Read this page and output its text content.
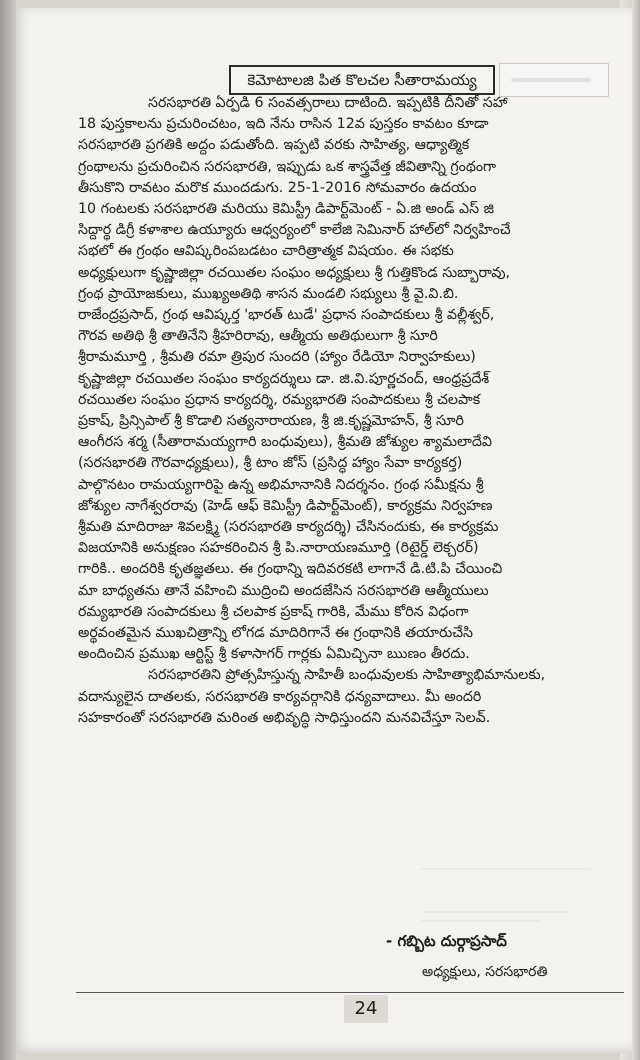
కెమోటాలజి పిత కొలచల సీతారామయ్య
సరసభారతి ఏర్పడి 6 సంవత్సరాలు దాటింది. ఇప్పటికి దీనితో సహా
18 పుస్తకాలను ప్రచురించటం, ఇది నేను రాసిన 12వ పుస్తకం కావటం కూడా
సరసభారతి ప్రగతికి అద్దం పడుతోంది. ఇప్పటి వరకు సాహిత్య, ఆధ్యాత్మిక
గ్రంథాలను ప్రచురించిన సరసభారతి, ఇప్పుడు ఒక శాస్త్రవేత్త జీవితాన్ని గ్రంథంగా
తీసుకొని రావటం మరొక ముందడుగు. 25-1-2016 సోమవారం ఉదయం
10 గంటలకు సరసభారతి మరియు కెమిస్ట్రీ డిపార్ట్‌మెంట్ - ఏ.జి అండ్ ఎస్ జి
సిద్దార్థ డిగ్రీ కళాశాల ఉయ్యూరు ఆధ్వర్యంలో కాలేజి సెమినార్ హాల్‌లో నిర్వహించే
సభలో ఈ గ్రంథం ఆవిష్కరింపబడటం చారిత్రాత్మక విషయం. ఈ సభకు
అధ్యక్షులుగా కృష్ణాజిల్లా రచయితల సంఘం అధ్యక్షులు శ్రీ గుత్తికొండ సుబ్బారావు,
గ్రంథ ప్రాయోజకులు, ముఖ్యఅతిథి శాసన మండలి సభ్యులు శ్రీ వై.వి.బి.
రాజేంద్రప్రసాద్, గ్రంథ ఆవిష్కర్త 'భారత్ టుడే' ప్రధాన సంపాదకులు శ్రీ వల్లీశ్వర్,
గౌరవ అతిథి శ్రీ తాతినేని శ్రీహరిరావు, ఆత్మీయ అతిథులుగా శ్రీ సూరి
శ్రీరామమూర్తి , శ్రీమతి రమా త్రిపుర సుందరి (హ్యాం రేడియో నిర్వాహకులు)
కృష్ణాజిల్లా రచయితల సంఘం కార్యదర్శులు డా. జి.వి.పూర్ణచంద్, ఆంధ్రప్రదేశ్
రచయితల సంఘం ప్రధాన కార్యదర్శి, రమ్యభారతి సంపాదకులు శ్రీ చలపాక
ప్రకాష్, ప్రిన్సిపాల్ శ్రీ కొడాలి సత్యనారాయణ, శ్రీ జి.కృష్ణమోహన్, శ్రీ సూరి
ఆంగీరస శర్మ (సీతారామయ్యగారి బంధువులు), శ్రీమతి జోశ్యుల శ్యామలాదేవి
(సరసభారతి గౌరవాధ్యక్షులు), శ్రీ టాం జోస్ (ప్రసిద్ధ హ్యాం సేవా కార్యకర్త)
పాల్గొనటం రామయ్యగారిపై ఉన్న అభిమానానికి నిదర్శనం. గ్రంథ సమీక్షను శ్రీ
జోశ్యుల నాగేశ్వరరావు (హెడ్ ఆఫ్ కెమిస్ట్రీ డిపార్ట్‌మెంట్), కార్యక్రమ నిర్వహణ
శ్రీమతి మాదిరాజు శివలక్ష్మి (సరసభారతి కార్యదర్శి) చేసినందుకు, ఈ కార్యక్రమ
విజయానికి అనుక్షణం సహకరించిన శ్రీ పి.నారాయణమూర్తి (రిటైర్డ్ లెక్చరర్)
గారికి.. అందరికి కృతజ్ఞతలు. ఈ గ్రంథాన్ని ఇదివరకటి లాగానే డి.టి.పి చేయించి
మా బాధ్యతను తానే వహించి ముద్రించి అందజేసిన సరసభారతి ఆత్మీయులు
రమ్యభారతి సంపాదకులు శ్రీ చలపాక ప్రకాష్ గారికి, మేము కోరిన విధంగా
అర్థవంతమైన ముఖచిత్రాన్ని లోగడ మాదిరిగానే ఈ గ్రంథానికి తయారుచేసి
అందించిన ప్రముఖ ఆర్టిస్ట్ శ్రీ కళాసాగర్ గార్లకు ఏమిచ్చినా ఋణం తీరదు.
సరసభారతిని ప్రోత్సహిస్తున్న సాహితీ బంధువులకు సాహిత్యాభిమానులకు,
వదాన్యులైన దాతలకు, సరసభారతి కార్యవర్గానికి ధన్యవాదాలు. మీ అందరి
సహకారంతో సరసభారతి మరింత అభివృద్ధి సాధిస్తుందని మనవిచేస్తూ సెలవ్.
- గబ్బిట దుర్గాప్రసాద్
అధ్యక్షులు, సరసభారతి
24
